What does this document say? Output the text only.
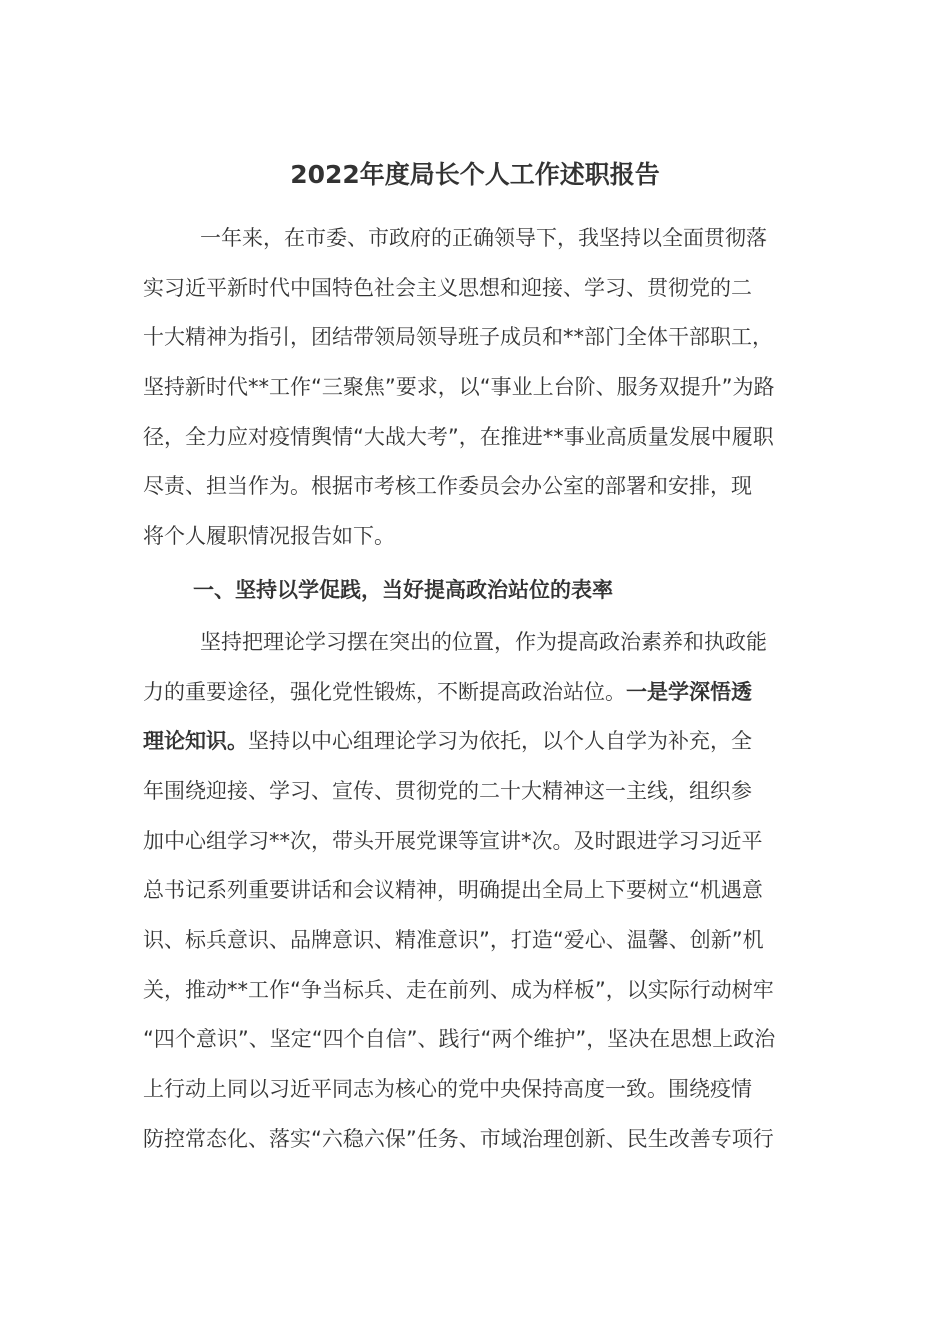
2022年度局长个人工作述职报告
一年来，在市委、市政府的正确领导下，我坚持以全面贯彻落
实习近平新时代中国特色社会主义思想和迎接、学习、贯彻党的二
十大精神为指引，团结带领局领导班子成员和**部门全体干部职工，
坚持新时代**工作“三聚焦”要求，以“事业上台阶、服务双提升”为路
径，全力应对疫情舆情“大战大考”，在推进**事业高质量发展中履职
尽责、担当作为。根据市考核工作委员会办公室的部署和安排，现
将个人履职情况报告如下。
一、坚持以学促践，当好提高政治站位的表率
坚持把理论学习摆在突出的位置，作为提高政治素养和执政能
力的重要途径，强化党性锻炼，不断提高政治站位。一是学深悟透
理论知识。坚持以中心组理论学习为依托，以个人自学为补充，全
年围绕迎接、学习、宣传、贯彻党的二十大精神这一主线，组织参
加中心组学习**次，带头开展党课等宣讲*次。及时跟进学习习近平
总书记系列重要讲话和会议精神，明确提出全局上下要树立“机遇意
识、标兵意识、品牌意识、精准意识”，打造“爱心、温馨、创新”机
关，推动**工作“争当标兵、走在前列、成为样板”，以实际行动树牢
“四个意识”、坚定“四个自信”、践行“两个维护”，坚决在思想上政治
上行动上同以习近平同志为核心的党中央保持高度一致。围绕疫情
防控常态化、落实“六稳六保”任务、市域治理创新、民生改善专项行
